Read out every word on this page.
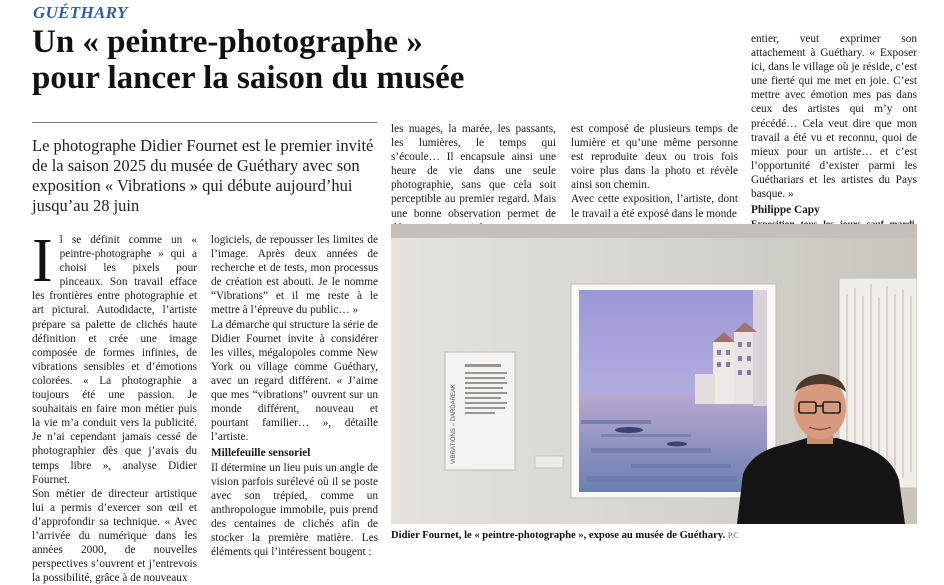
GUÉTHARY
Un « peintre-photographe »
pour lancer la saison du musée
Le photographe Didier Fournet est le premier invité de la saison 2025 du musée de Guéthary avec son exposition « Vibrations » qui débute aujourd’hui jusqu’au 28 juin
I l se définit comme un « peintre-photographe » qui a choisi les pixels pour pinceaux. Son travail efface les frontières entre photographie et art pictural. Autodidacte, l’artiste prépare sa palette de clichés haute définition et crée une image composée de formes infinies, de vibrations sensibles et d’émotions colorées. « La photographie a toujours été une passion. Je souhaitais en faire mon métier puis la vie m’a conduit vers la publicité. Je n’ai cependant jamais cessé de photographier dès que j’avais du temps libre », analyse Didier Fournet.

Son métier de directeur artistique lui a permis d’exercer son œil et d’approfondir sa technique. « Avec l’arrivée du numérique dans les années 2000, de nouvelles perspectives s’ouvrent et j’entrevois la possibilité, grâce à de nouveaux

logiciels, de repousser les limites de l’image. Après deux années de recherche et de tests, mon processus de création est abouti. Je le nomme “Vibrations” et il me reste à le mettre à l’épreuve du public… »

La démarche qui structure la série de Didier Fournet invite à considérer les villes, mégalopoles comme New York ou village comme Guéthary, avec un regard différent. « J’aime que mes “vibrations” ouvrent sur un monde différent, nouveau et pourtant familier… », détaille l’artiste.

Millefeuille sensoriel

Il détermine un lieu puis un angle de vision parfois surélevé où il se poste avec son trépied, comme un anthropologue immobile, puis prend des centaines de clichés afin de stocker la première matière. Les éléments qui l’intéressent bougent :

les nuages, la marée, les passants, les lumières, le temps qui s’écoule… Il encapsule ainsi une heure de vie dans une seule photographie, sans que cela soit perceptible au premier regard. Mais une bonne observation permet de

est composé de plusieurs temps de lumière et qu’une même personne est reproduite deux ou trois fois voire plus dans la photo et révèle ainsi son chemin.

Avec cette exposition, l’artiste, dont le travail a été exposé dans le monde

entier, veut exprimer son attachement à Guéthary. « Exposer ici, dans le village où je réside, c’est une fierté qui me met en joie. C’est mettre avec émotion mes pas dans ceux des artistes qui m’y ont précédé… Cela veut dire que mon travail a été vu et reconnu, quoi de mieux pour un artiste… et c’est l’opportunité d’exister parmi les Guéthariars et les artistes du Pays basque. »

Philippe Capy

VIBRATIONS – DARDAREAK
Didier Fournet, le « peintre-photographe », expose au musée de Guéthary. P.C
